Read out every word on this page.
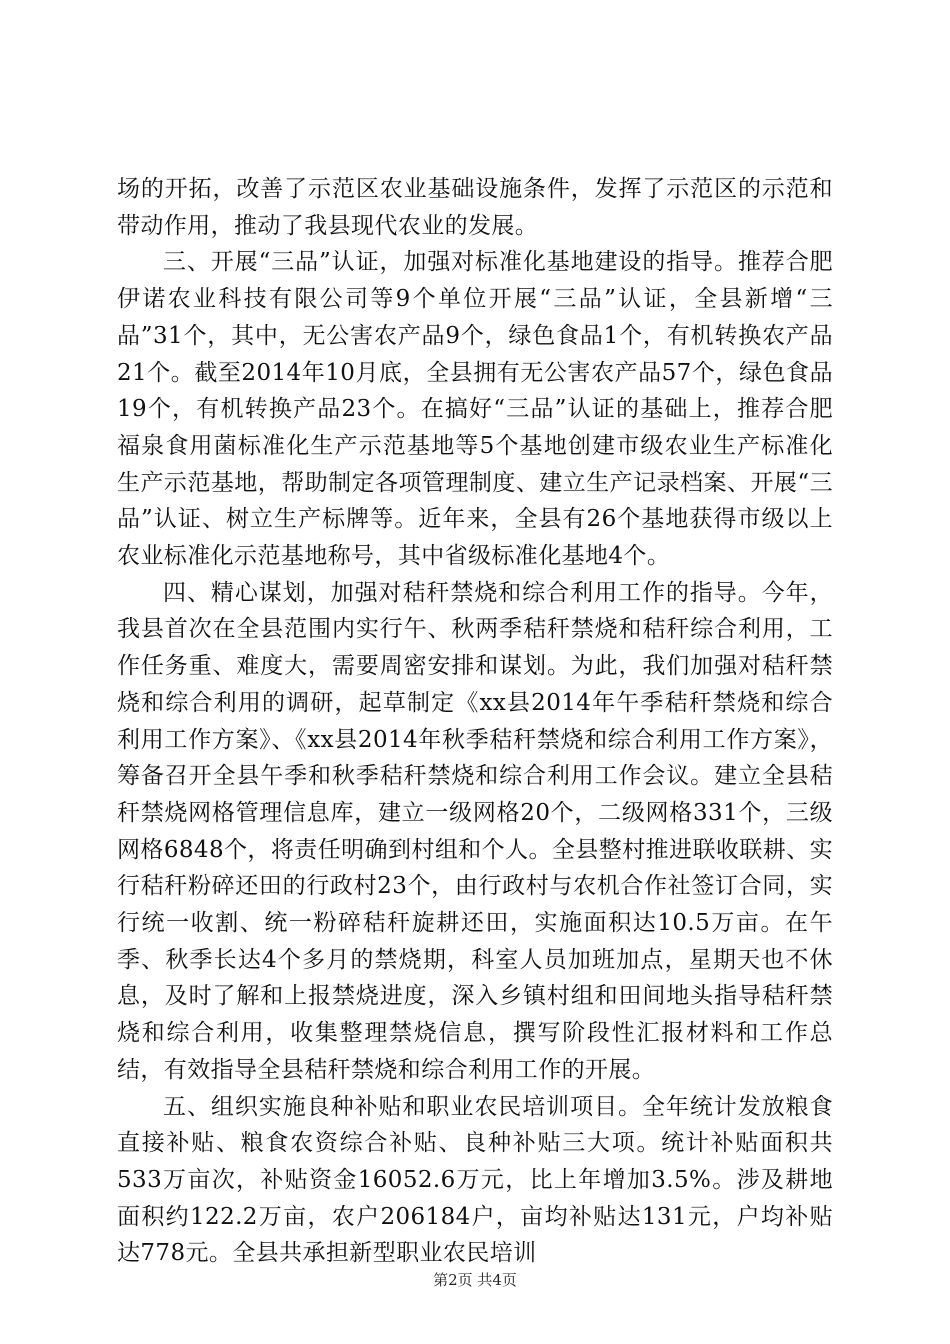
场的开拓，改善了示范区农业基础设施条件，发挥了示范区的示范和带动作用，推动了我县现代农业的发展。

三、开展“三品”认证，加强对标准化基地建设的指导。推荐合肥伊诺农业科技有限公司等9个单位开展“三品”认证，全县新增“三品”31个，其中，无公害农产品9个，绿色食品1个，有机转换农产品21个。截至2014年10月底，全县拥有无公害农产品57个，绿色食品19个，有机转换产品23个。在搞好“三品”认证的基础上，推荐合肥福泉食用菌标准化生产示范基地等5个基地创建市级农业生产标准化生产示范基地，帮助制定各项管理制度、建立生产记录档案、开展“三品”认证、树立生产标牌等。近年来，全县有26个基地获得市级以上农业标准化示范基地称号，其中省级标准化基地4个。

四、精心谋划，加强对秸秆禁烧和综合利用工作的指导。今年，我县首次在全县范围内实行午、秋两季秸秆禁烧和秸秆综合利用，工作任务重、难度大，需要周密安排和谋划。为此，我们加强对秸秆禁烧和综合利用的调研，起草制定《xx县2014年午季秸秆禁烧和综合利用工作方案》、《xx县2014年秋季秸秆禁烧和综合利用工作方案》，筹备召开全县午季和秋季秸秆禁烧和综合利用工作会议。建立全县秸秆禁烧网格管理信息库，建立一级网格20个，二级网格331个，三级网格6848个，将责任明确到村组和个人。全县整村推进联收联耕、实行秸秆粉碎还田的行政村23个，由行政村与农机合作社签订合同，实行统一收割、统一粉碎秸秆旋耕还田，实施面积达10.5万亩。在午季、秋季长达4个多月的禁烧期，科室人员加班加点，星期天也不休息，及时了解和上报禁烧进度，深入乡镇村组和田间地头指导秸秆禁烧和综合利用，收集整理禁烧信息，撰写阶段性汇报材料和工作总结，有效指导全县秸秆禁烧和综合利用工作的开展。

五、组织实施良种补贴和职业农民培训项目。全年统计发放粮食直接补贴、粮食农资综合补贴、良种补贴三大项。统计补贴面积共533万亩次，补贴资金16052.6万元，比上年增加3.5%。涉及耕地面积约122.2万亩，农户206184户，亩均补贴达131元，户均补贴达778元。全县共承担新型职业农民培训

第2页 共4页
